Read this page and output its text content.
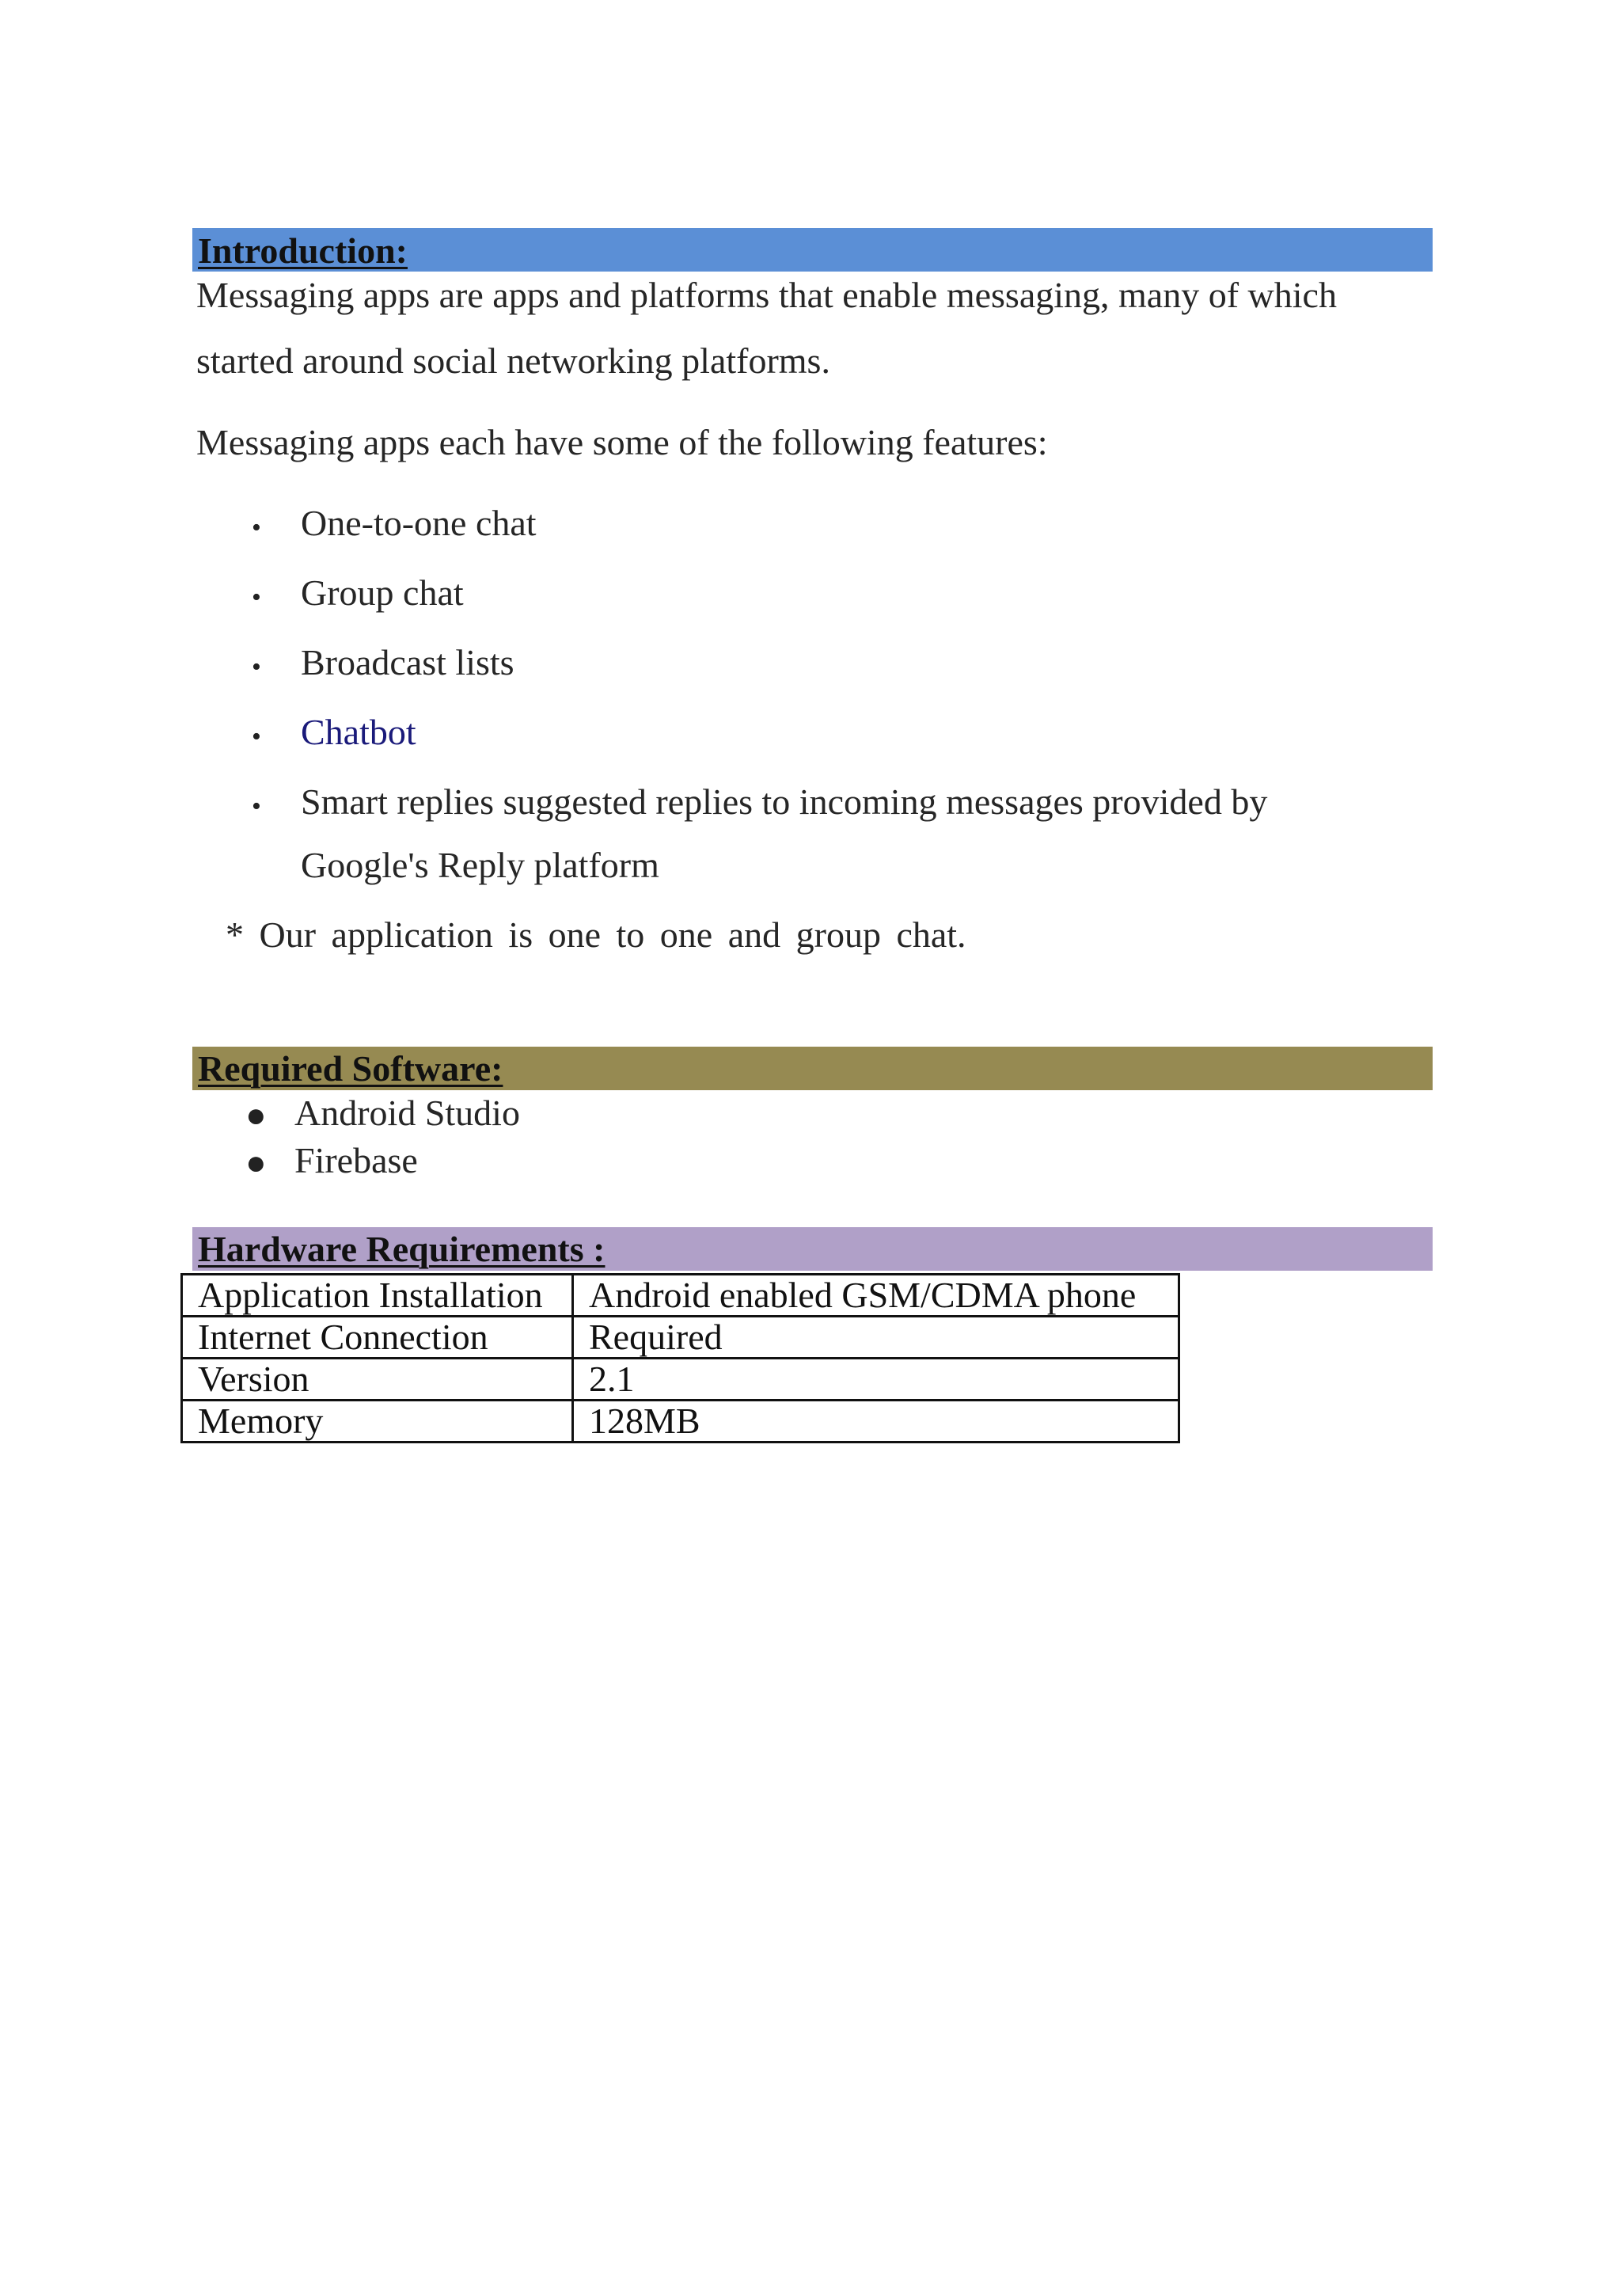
Introduction:
Messaging apps are apps and platforms that enable messaging, many of which
started around social networking platforms.
Messaging apps each have some of the following features:
• One-to-one chat
• Group chat
• Broadcast lists
• Chatbot
• Smart replies suggested replies to incoming messages provided by
Google's Reply platform
* Our application is one to one and group chat.
Required Software:
● Android Studio
● Firebase
Hardware Requirements :
Application Installation	Android enabled GSM/CDMA phone
Internet Connection	Required
Version	2.1
Memory	128MB
